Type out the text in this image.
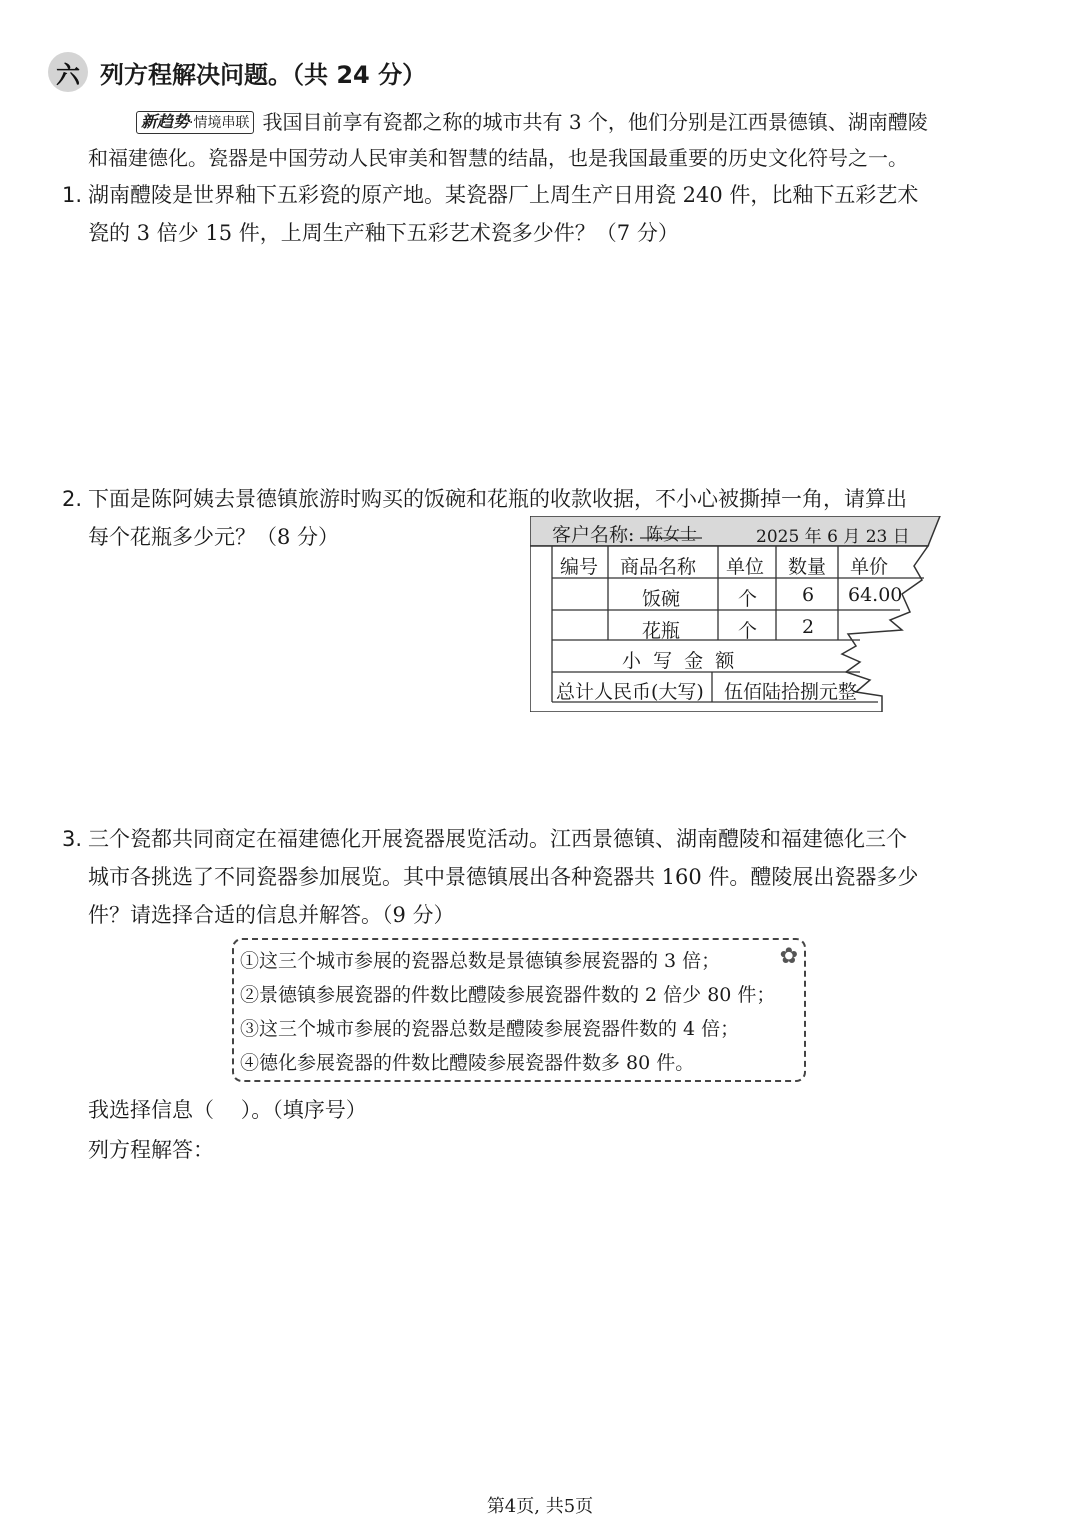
六 列方程解决问题。（共 24 分）
新趋势·情境串联 我国目前享有瓷都之称的城市共有 3 个，他们分别是江西景德镇、湖南醴陵
和福建德化。瓷器是中国劳动人民审美和智慧的结晶，也是我国最重要的历史文化符号之一。
1. 湖南醴陵是世界釉下五彩瓷的原产地。某瓷器厂上周生产日用瓷 240 件，比釉下五彩艺术
瓷的 3 倍少 15 件，上周生产釉下五彩艺术瓷多少件？（7 分）
2. 下面是陈阿姨去景德镇旅游时购买的饭碗和花瓶的收款收据，不小心被撕掉一角，请算出
每个花瓶多少元？（8 分）	客户名称: 陈女士	2025 年 6 月 23 日
编号 商品名称 单位 数量 单价
饭碗	个 6 64.00
花瓶	个 2
小  写  金  额
总计人民币(大写) 伍佰陆拾捌元整
3. 三个瓷都共同商定在福建德化开展瓷器展览活动。江西景德镇、湖南醴陵和福建德化三个
城市各挑选了不同瓷器参加展览。其中景德镇展出各种瓷器共 160 件。醴陵展出瓷器多少
件？请选择合适的信息并解答。（9 分）
①这三个城市参展的瓷器总数是景德镇参展瓷器的 3 倍；
②景德镇参展瓷器的件数比醴陵参展瓷器件数的 2 倍少 80 件；
③这三个城市参展的瓷器总数是醴陵参展瓷器件数的 4 倍；
④德化参展瓷器的件数比醴陵参展瓷器件数多 80 件。
✿
我选择信息（    ）。（填序号）
列方程解答：
第4页, 共5页
